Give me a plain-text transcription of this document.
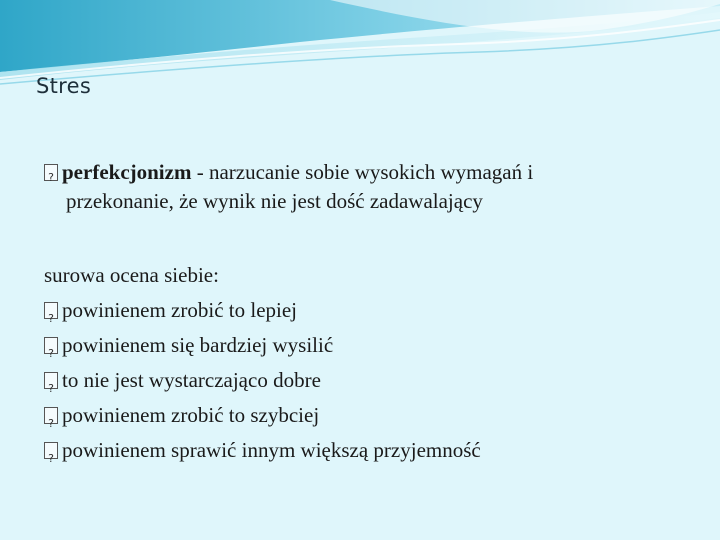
Stres
?perfekcjonizm - narzucanie sobie wysokich wymagań i
przekonanie, że wynik nie jest dość zadawalający
surowa ocena siebie:
?powinienem zrobić to lepiej
?powinienem się bardziej wysilić
?to nie jest wystarczająco dobre
?powinienem zrobić to szybciej
?powinienem sprawić innym większą przyjemność
